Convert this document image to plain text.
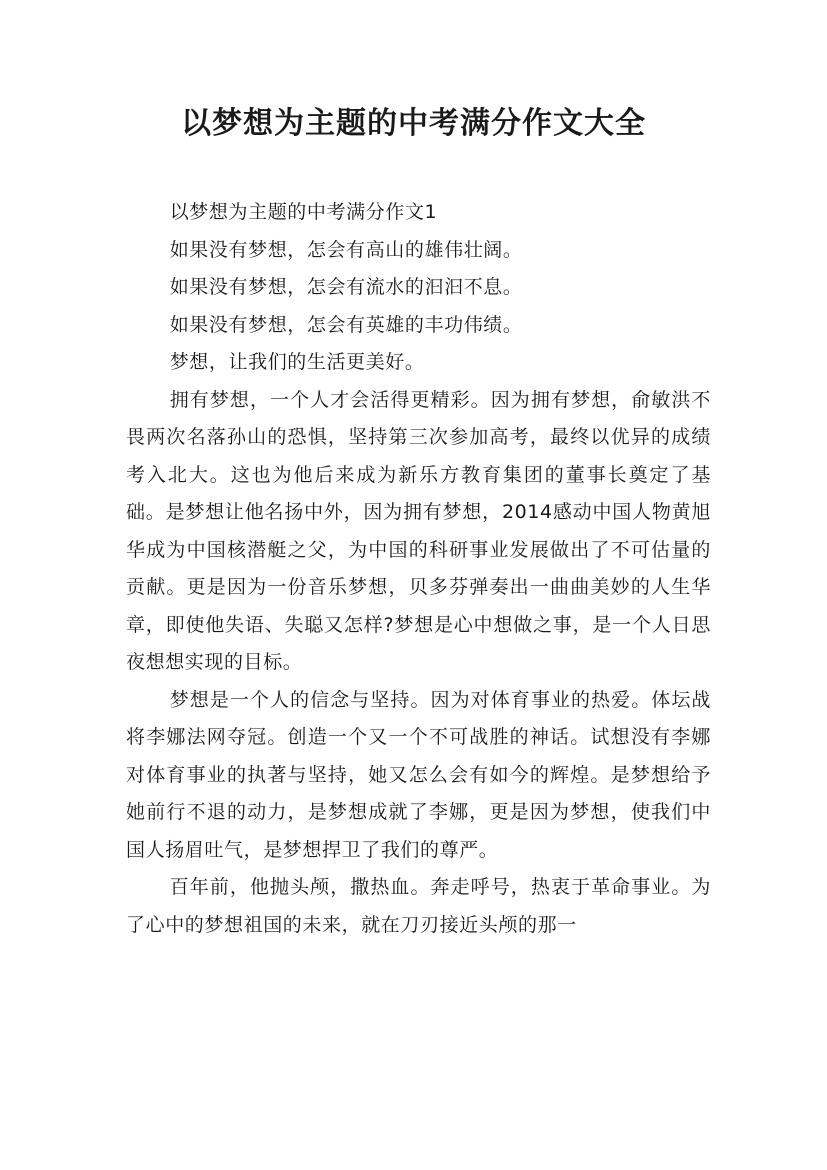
以梦想为主题的中考满分作文大全

以梦想为主题的中考满分作文1

如果没有梦想，怎会有高山的雄伟壮阔。

如果没有梦想，怎会有流水的汩汩不息。

如果没有梦想，怎会有英雄的丰功伟绩。

梦想，让我们的生活更美好。

拥有梦想，一个人才会活得更精彩。因为拥有梦想，俞敏洪不畏两次名落孙山的恐惧，坚持第三次参加高考，最终以优异的成绩考入北大。这也为他后来成为新乐方教育集团的董事长奠定了基础。是梦想让他名扬中外，因为拥有梦想，2014感动中国人物黄旭华成为中国核潜艇之父，为中国的科研事业发展做出了不可估量的贡献。更是因为一份音乐梦想，贝多芬弹奏出一曲曲美妙的人生华章，即使他失语、失聪又怎样?梦想是心中想做之事，是一个人日思夜想想实现的目标。

梦想是一个人的信念与坚持。因为对体育事业的热爱。体坛战将李娜法网夺冠。创造一个又一个不可战胜的神话。试想没有李娜对体育事业的执著与坚持，她又怎么会有如今的辉煌。是梦想给予她前行不退的动力，是梦想成就了李娜，更是因为梦想，使我们中国人扬眉吐气，是梦想捍卫了我们的尊严。

百年前，他抛头颅，撒热血。奔走呼号，热衷于革命事业。为了心中的梦想祖国的未来，就在刀刃接近头颅的那一
